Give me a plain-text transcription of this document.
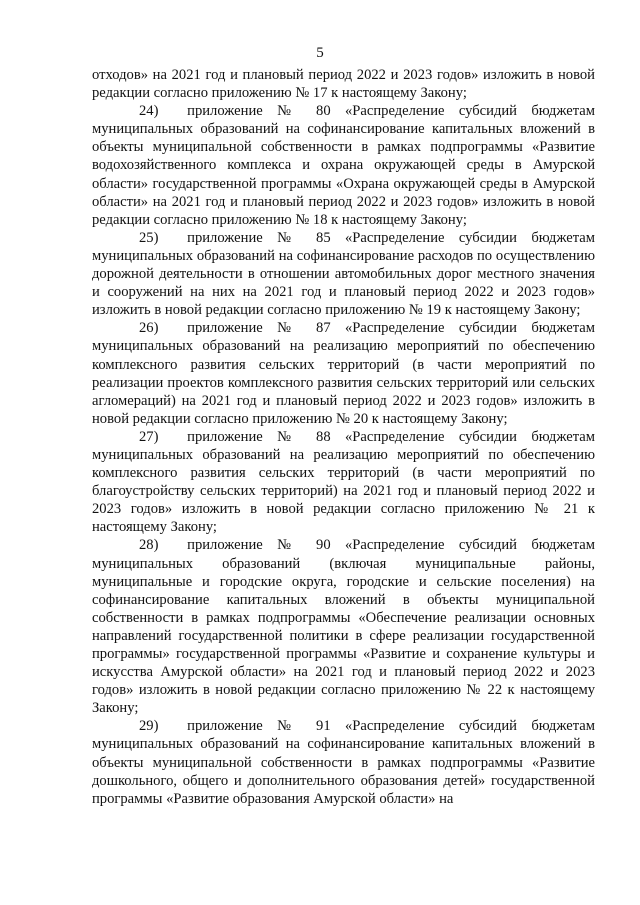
5

отходов» на 2021 год и плановый период 2022 и 2023 годов» изложить в новой редакции согласно приложению № 17 к настоящему Закону;

24)  приложение № 80 «Распределение субсидий бюджетам муниципальных образований на софинансирование капитальных вложений в объекты муниципальной собственности в рамках подпрограммы «Развитие водохозяйственного комплекса и охрана окружающей среды в Амурской области» государственной программы «Охрана окружающей среды в Амурской области» на 2021 год и плановый период 2022 и 2023 годов» изложить в новой редакции согласно приложению № 18 к настоящему Закону;

25)  приложение № 85 «Распределение субсидии бюджетам муниципальных образований на софинансирование расходов по осуществлению дорожной деятельности в отношении автомобильных дорог местного значения и сооружений на них на 2021 год и плановый период 2022 и 2023 годов» изложить в новой редакции согласно приложению № 19 к настоящему Закону;

26)  приложение № 87 «Распределение субсидии бюджетам муниципальных образований на реализацию мероприятий по обеспечению комплексного развития сельских территорий (в части мероприятий по реализации проектов комплексного развития сельских территорий или сельских агломераций) на 2021 год и плановый период 2022 и 2023 годов» изложить в новой редакции согласно приложению № 20 к настоящему Закону;

27)  приложение № 88 «Распределение субсидии бюджетам муниципальных образований на реализацию мероприятий по обеспечению комплексного развития сельских территорий (в части мероприятий по благоустройству сельских территорий) на 2021 год и плановый период 2022 и 2023 годов» изложить в новой редакции согласно приложению № 21 к настоящему Закону;

28)  приложение № 90 «Распределение субсидий бюджетам муниципальных образований (включая муниципальные районы, муниципальные и городские округа, городские и сельские поселения) на софинансирование капитальных вложений в объекты муниципальной собственности в рамках подпрограммы «Обеспечение реализации основных направлений государственной политики в сфере реализации государственной программы» государственной программы «Развитие и сохранение культуры и искусства Амурской области» на 2021 год и плановый период 2022 и 2023 годов» изложить в новой редакции согласно приложению № 22 к настоящему Закону;

29)  приложение № 91 «Распределение субсидий бюджетам муниципальных образований на софинансирование капитальных вложений в объекты муниципальной собственности в рамках подпрограммы «Развитие дошкольного, общего и дополнительного образования детей» государственной программы «Развитие образования Амурской области» на
